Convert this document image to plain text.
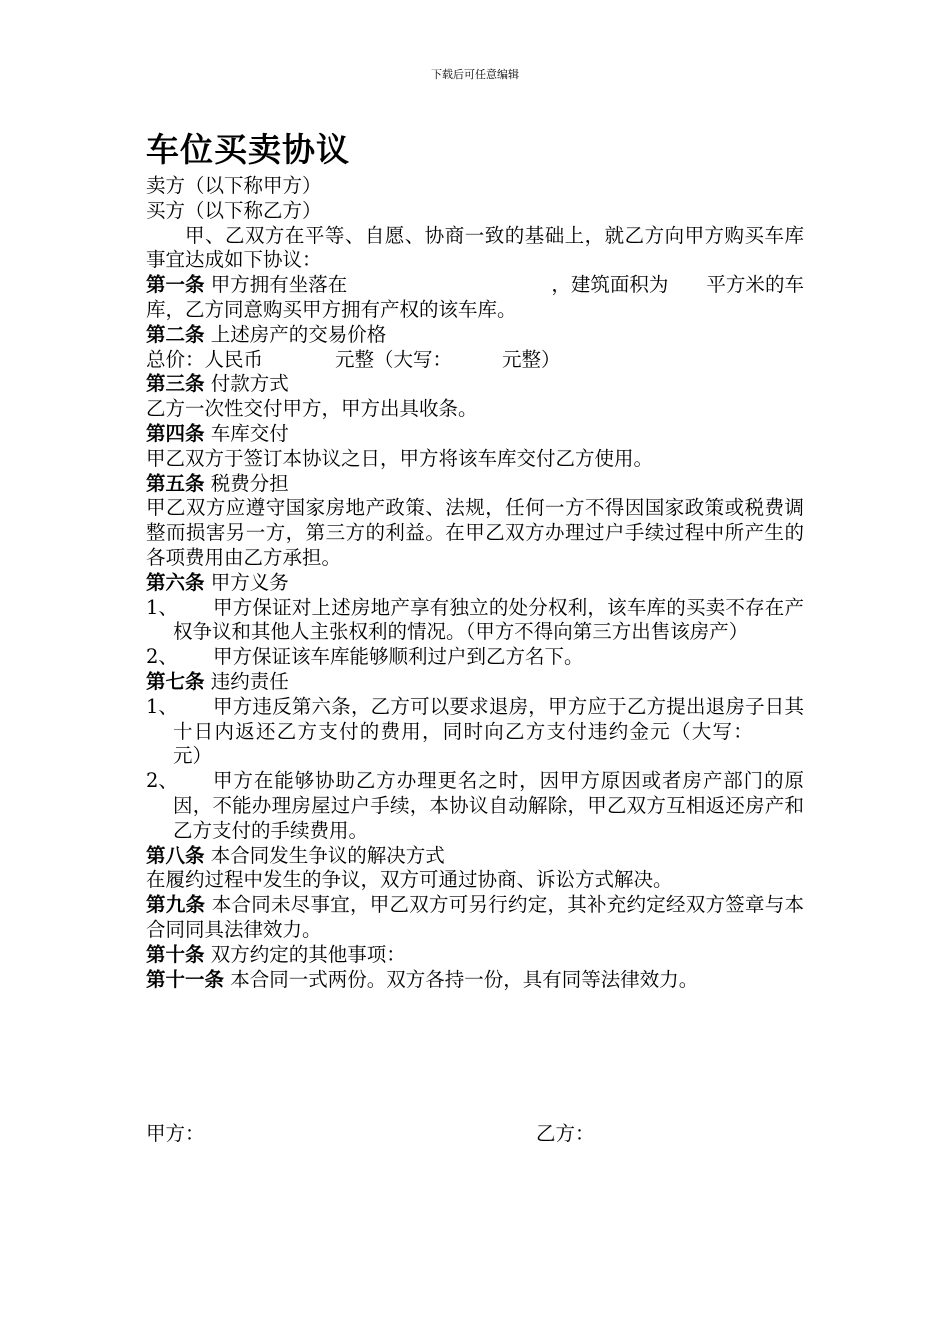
下载后可任意编辑
车位买卖协议
卖方（以下称甲方）
买方（以下称乙方）
甲、乙双方在平等、自愿、协商一致的基础上，就乙方向甲方购买车库事宜达成如下协议：
第一条 甲方拥有坐落在	，建筑面积为 平方米的车库，乙方同意购买甲方拥有产权的该车库。
第二条 上述房产的交易价格
总价：人民币	元整（大写：	元整）
第三条 付款方式
乙方一次性交付甲方，甲方出具收条。
第四条 车库交付
甲乙双方于签订本协议之日，甲方将该车库交付乙方使用。
第五条 税费分担
甲乙双方应遵守国家房地产政策、法规，任何一方不得因国家政策或税费调整而损害另一方，第三方的利益。在甲乙双方办理过户手续过程中所产生的各项费用由乙方承担。
第六条 甲方义务
1、	甲方保证对上述房地产享有独立的处分权利，该车库的买卖不存在产权争议和其他人主张权利的情况。（甲方不得向第三方出售该房产）
2、	甲方保证该车库能够顺利过户到乙方名下。
第七条 违约责任
1、	甲方违反第六条，乙方可以要求退房，甲方应于乙方提出退房子日其十日内返还乙方支付的费用，同时向乙方支付违约金元（大写：元）
2、	甲方在能够协助乙方办理更名之时，因甲方原因或者房产部门的原因，不能办理房屋过户手续，本协议自动解除，甲乙双方互相返还房产和乙方支付的手续费用。
第八条 本合同发生争议的解决方式
在履约过程中发生的争议，双方可通过协商、诉讼方式解决。
第九条 本合同未尽事宜，甲乙双方可另行约定，其补充约定经双方签章与本合同同具法律效力。
第十条 双方约定的其他事项：
第十一条 本合同一式两份。双方各持一份，具有同等法律效力。
甲方：	乙方：
